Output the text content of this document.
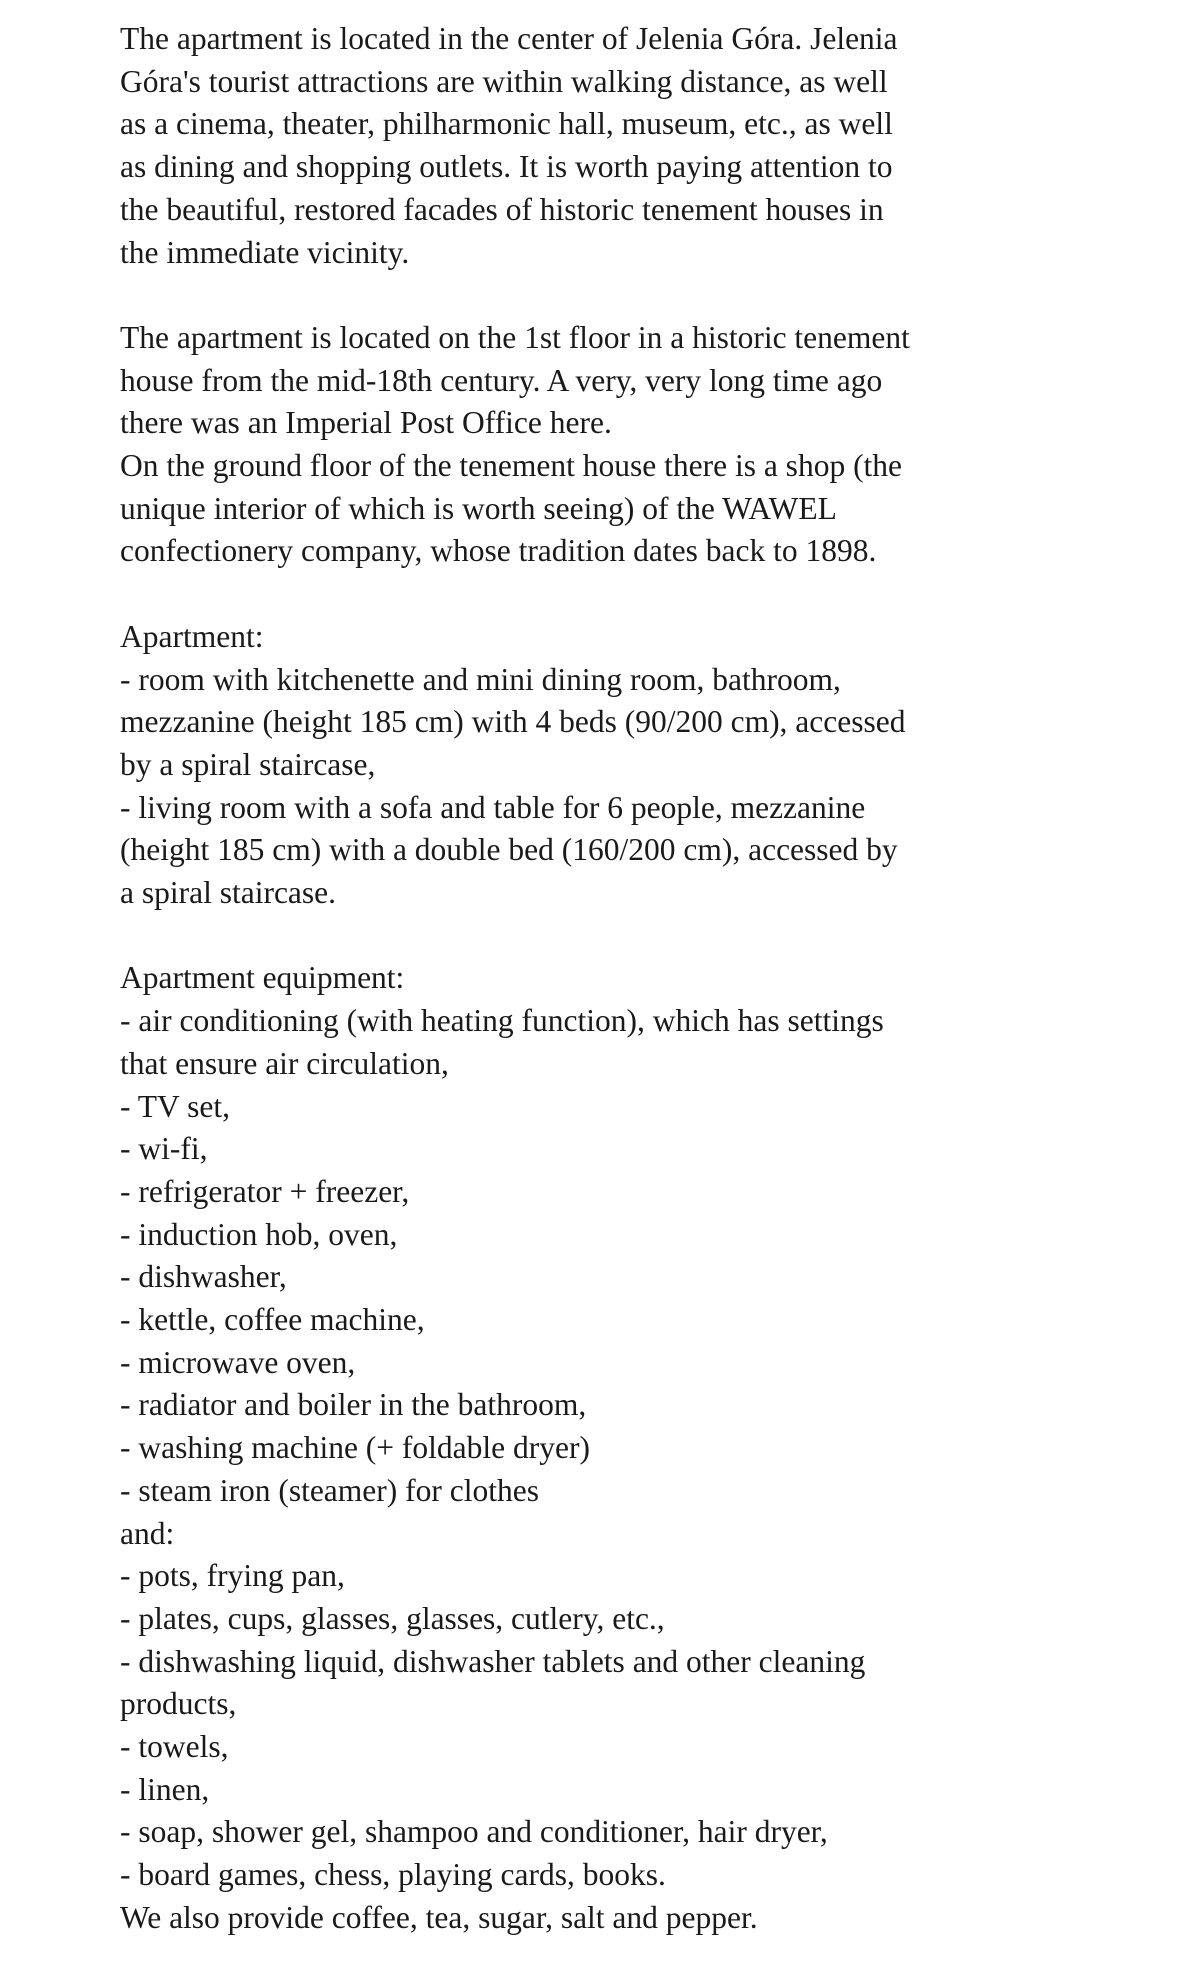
The apartment is located in the center of Jelenia Góra. Jelenia
Góra's tourist attractions are within walking distance, as well
as a cinema, theater, philharmonic hall, museum, etc., as well
as dining and shopping outlets. It is worth paying attention to
the beautiful, restored facades of historic tenement houses in
the immediate vicinity.

The apartment is located on the 1st floor in a historic tenement
house from the mid-18th century. A very, very long time ago
there was an Imperial Post Office here.
On the ground floor of the tenement house there is a shop (the
unique interior of which is worth seeing) of the WAWEL
confectionery company, whose tradition dates back to 1898.

Apartment:
- room with kitchenette and mini dining room, bathroom,
mezzanine (height 185 cm) with 4 beds (90/200 cm), accessed
by a spiral staircase,
- living room with a sofa and table for 6 people, mezzanine
(height 185 cm) with a double bed (160/200 cm), accessed by
a spiral staircase.

Apartment equipment:
- air conditioning (with heating function), which has settings
that ensure air circulation,
- TV set,
- wi-fi,
- refrigerator + freezer,
- induction hob, oven,
- dishwasher,
- kettle, coffee machine,
- microwave oven,
- radiator and boiler in the bathroom,
- washing machine (+ foldable dryer)
- steam iron (steamer) for clothes
and:
- pots, frying pan,
- plates, cups, glasses, glasses, cutlery, etc.,
- dishwashing liquid, dishwasher tablets and other cleaning
products,
- towels,
- linen,
- soap, shower gel, shampoo and conditioner, hair dryer,
- board games, chess, playing cards, books.
We also provide coffee, tea, sugar, salt and pepper.
